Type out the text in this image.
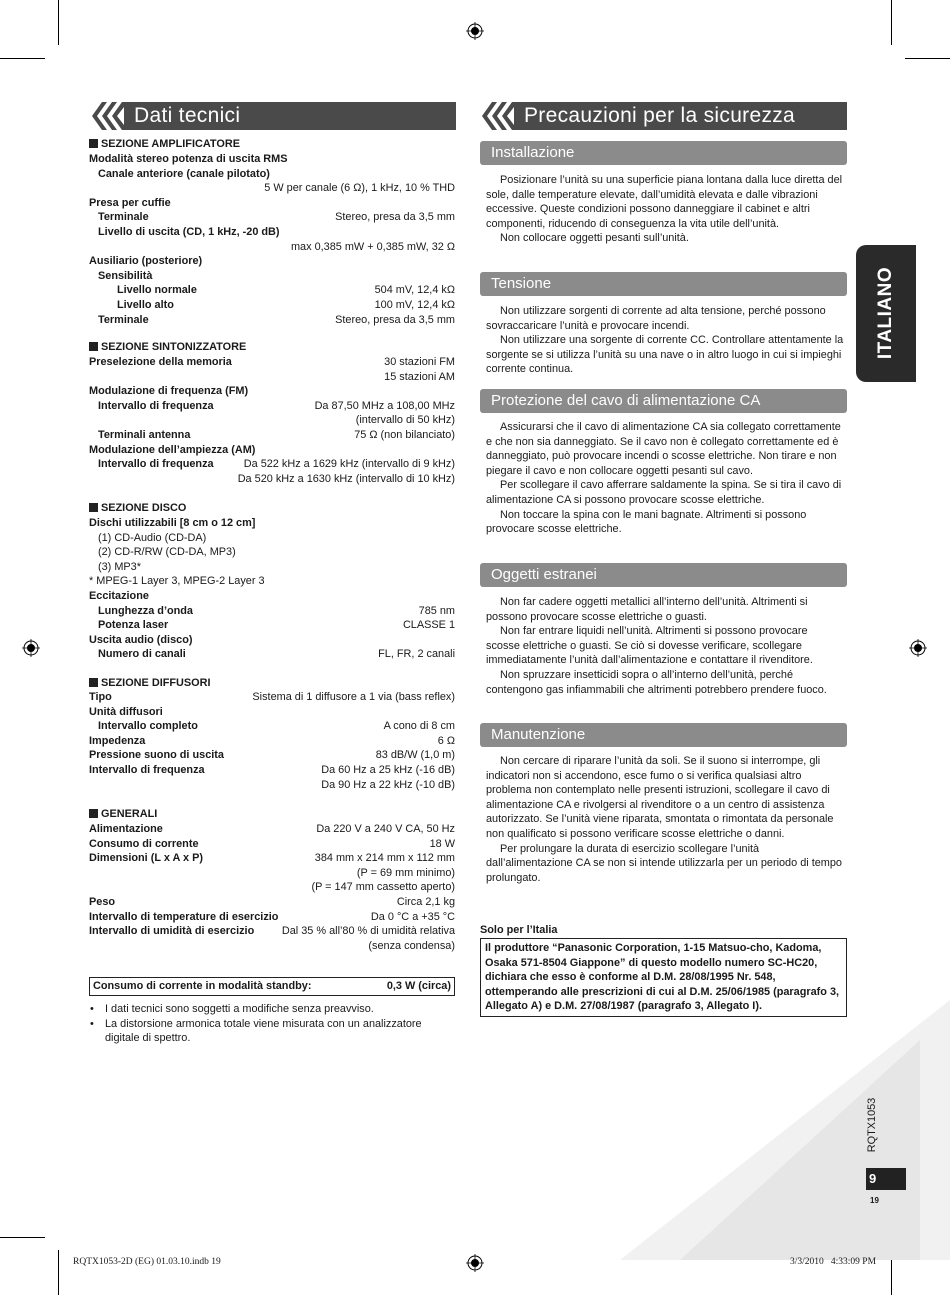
Dati tecnici	Precauzioni per la sicurezza
SEZIONE AMPLIFICATORE
Modalità stereo potenza di uscita RMS
Canale anteriore (canale pilotato)
5 W per canale (6 Ω), 1 kHz, 10 % THD
Presa per cuffie
Terminale	Stereo, presa da 3,5 mm
Livello di uscita (CD, 1 kHz, -20 dB)
max 0,385 mW + 0,385 mW, 32 Ω
Ausiliario (posteriore)
Sensibilità
Livello normale	504 mV, 12,4 kΩ
Livello alto	100 mV, 12,4 kΩ
Terminale	Stereo, presa da 3,5 mm
SEZIONE SINTONIZZATORE
Preselezione della memoria	30 stazioni FM
15 stazioni AM
Modulazione di frequenza (FM)
Intervallo di frequenza	Da 87,50 MHz a 108,00 MHz
(intervallo di 50 kHz)
Terminali antenna	75 Ω (non bilanciato)
Modulazione dell’ampiezza (AM)
Intervallo di frequenza	Da 522 kHz a 1629 kHz (intervallo di 9 kHz)
Da 520 kHz a 1630 kHz (intervallo di 10 kHz)
SEZIONE DISCO
Dischi utilizzabili [8 cm o 12 cm]
(1) CD-Audio (CD-DA)
(2) CD-R/RW (CD-DA, MP3)
(3) MP3*
* MPEG-1 Layer 3, MPEG-2 Layer 3
Eccitazione
Lunghezza d’onda	785 nm
Potenza laser	CLASSE 1
Uscita audio (disco)
Numero di canali	FL, FR, 2 canali
SEZIONE DIFFUSORI
Tipo	Sistema di 1 diffusore a 1 via (bass reflex)
Unità diffusori
Intervallo completo	A cono di 8 cm
Impedenza	6 Ω
Pressione suono di uscita	83 dB/W (1,0 m)
Intervallo di frequenza	Da 60 Hz a 25 kHz (-16 dB)
Da 90 Hz a 22 kHz (-10 dB)
GENERALI
Alimentazione	Da 220 V a 240 V CA, 50 Hz
Consumo di corrente	18 W
Dimensioni (L x A x P)	384 mm x 214 mm x 112 mm
(P = 69 mm minimo)
(P = 147 mm cassetto aperto)
Peso	Circa 2,1 kg
Intervallo di temperature di esercizio	Da 0 °C a +35 °C
Intervallo di umidità di esercizio	Dal 35 % all’80 % di umidità relativa
(senza condensa)
Consumo di corrente in modalità standby:	0,3 W (circa)
• I dati tecnici sono soggetti a modifiche senza preavviso.
• La distorsione armonica totale viene misurata con un analizzatore digitale di spettro.
Installazione

Posizionare l’unità su una superficie piana lontana dalla luce diretta del sole, dalle temperature elevate, dall’umidità elevata e dalle vibrazioni eccessive. Queste condizioni possono danneggiare il cabinet e altri componenti, riducendo di conseguenza la vita utile dell’unità.

Non collocare oggetti pesanti sull’unità.

Tensione

Non utilizzare sorgenti di corrente ad alta tensione, perché possono sovraccaricare l’unità e provocare incendi.

Non utilizzare una sorgente di corrente CC. Controllare attentamente la sorgente se si utilizza l’unità su una nave o in altro luogo in cui si impieghi corrente continua.

Protezione del cavo di alimentazione CA

Assicurarsi che il cavo di alimentazione CA sia collegato correttamente e che non sia danneggiato. Se il cavo non è collegato correttamente ed è danneggiato, può provocare incendi o scosse elettriche. Non tirare e non piegare il cavo e non collocare oggetti pesanti sul cavo.

Per scollegare il cavo afferrare saldamente la spina. Se si tira il cavo di alimentazione CA si possono provocare scosse elettriche.

Non toccare la spina con le mani bagnate. Altrimenti si possono provocare scosse elettriche.

Oggetti estranei

Non far cadere oggetti metallici all’interno dell’unità. Altrimenti si possono provocare scosse elettriche o guasti.

Non far entrare liquidi nell’unità. Altrimenti si possono provocare scosse elettriche o guasti. Se ciò si dovesse verificare, scollegare immediatamente l’unità dall’alimentazione e contattare il rivenditore.

Non spruzzare insetticidi sopra o all’interno dell’unità, perché contengono gas infiammabili che altrimenti potrebbero prendere fuoco.

Manutenzione

Non cercare di riparare l’unità da soli. Se il suono si interrompe, gli indicatori non si accendono, esce fumo o si verifica qualsiasi altro problema non contemplato nelle presenti istruzioni, scollegare il cavo di alimentazione CA e rivolgersi al rivenditore o a un centro di assistenza autorizzato. Se l’unità viene riparata, smontata o rimontata da personale non qualificato si possono verificare scosse elettriche o danni.

Per prolungare la durata di esercizio scollegare l’unità dall’alimentazione CA se non si intende utilizzarla per un periodo di tempo prolungato.

Solo per l’Italia
Il produttore “Panasonic Corporation, 1-15 Matsuo-cho, Kadoma, Osaka 571-8504 Giappone” di questo modello numero SC-HC20, dichiara che esso è conforme al D.M. 28/08/1995 Nr. 548, ottemperando alle prescrizioni di cui al D.M. 25/06/1985 (paragrafo 3, Allegato A) e D.M. 27/08/1987 (paragrafo 3, Allegato I).
ITALIANO
RQTX1053
9
19
RQTX1053-2D (EG) 01.03.10.indb 19	3/3/2010   4:33:09 PM
